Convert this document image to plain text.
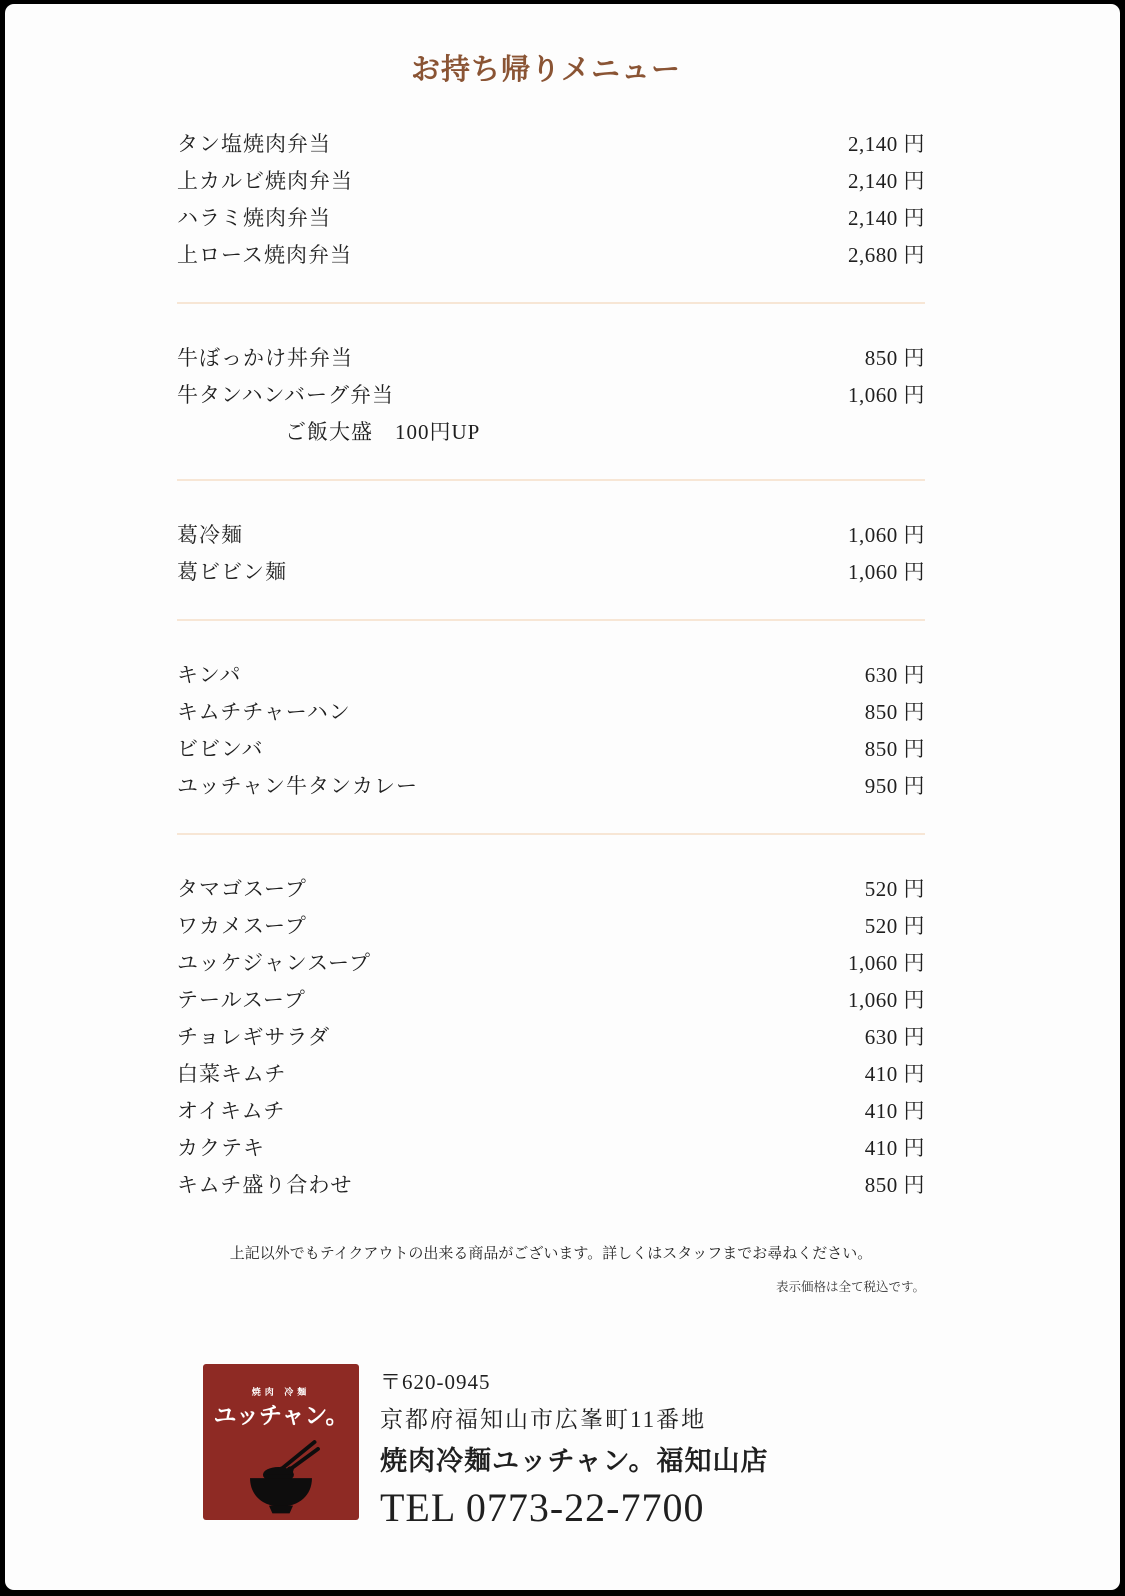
お持ち帰りメニュー
タン塩焼肉弁当	2,140 円
上カルビ焼肉弁当	2,140 円
ハラミ焼肉弁当	2,140 円
上ロース焼肉弁当	2,680 円
牛ぼっかけ丼弁当	850 円
牛タンハンバーグ弁当	1,060 円
ご飯大盛　100円UP
葛冷麺	1,060 円
葛ビビン麺	1,060 円
キンパ	630 円
キムチチャーハン	850 円
ビビンバ	850 円
ユッチャン牛タンカレー	950 円
タマゴスープ	520 円
ワカメスープ	520 円
ユッケジャンスープ	1,060 円
テールスープ	1,060 円
チョレギサラダ	630 円
白菜キムチ	410 円
オイキムチ	410 円
カクテキ	410 円
キムチ盛り合わせ	850 円
上記以外でもテイクアウトの出来る商品がございます。詳しくはスタッフまでお尋ねください。
表示価格は全て税込です。
焼肉 冷麺
ユッチャン。
〒620-0945
京都府福知山市広峯町11番地
焼肉冷麺ユッチャン。福知山店
TEL 0773-22-7700
